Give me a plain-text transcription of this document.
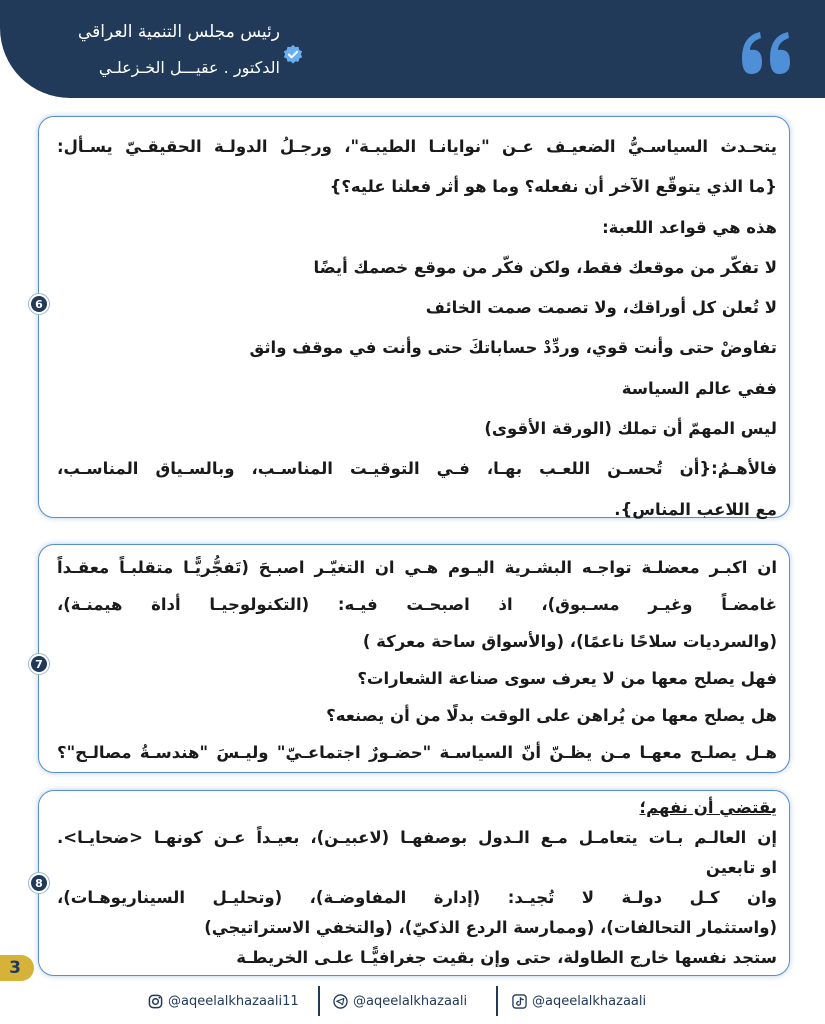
رئيس مجلس التنمية العراقي
الدكتور . عقيـــل الخـزعلـي
6
يتحـدث السياسـيُّ الضعيـف عـن "نوايانـا الطيبـة"، ورجـلُ الدولـة الحقيقـيّ يسـأل:
{ما الذي يتوقّع الآخر أن نفعله؟ وما هو أثر فعلنا عليه؟}
هذه هي قواعد اللعبة:
لا تفكّر من موقعك فقط، ولكن فكّر من موقع خصمك أيضًا
لا تُعلن كل أوراقك، ولا تصمت صمت الخائف
تفاوضْ حتى وأنت قوي، وردِّدْ حساباتكَ حتى وأنت في موقف واثق
ففي عالم السياسة
ليس المهمّ أن تملك (الورقة الأقوى)
فالأهـمُ:{أن تُحسـن اللعـب بهـا، فـي التوقيـت المناسـب، وبالسـياق المناسـب،
مع اللاعب المناس}.
7
ان اكبـر معضلـة تواجـه البشـرية اليـوم هـي ان التغيّـر اصبـحَ (تَفجُّريًّـا متقلبـاً معقـداً
غامضـاً وغيـر مسـبوق)، اذ اصبحـت فيـه: (التكنولوجيـا أداة هيمنـة)،
(والسرديات سلاحًا ناعمًا)، (والأسواق ساحة معركة )
فهل يصلح معها من لا يعرف سوى صناعة الشعارات؟
هل يصلح معها من يُراهن على الوقت بدلًا من أن يصنعه؟
هـل يصلـح معهـا مـن يظـنّ أنّ السياسـة "حضـورٌ اجتماعـيّ" وليـسَ "هندسـةُ مصالـح"؟
8
يقتضي أن نفهم؛
إن العالـم بـات يتعامـل مـع الـدول بوصفهـا (لاعبيـن)، بعيـداً عـن كونهـا <ضحايـا>.
او تابعين
وان كـل دولـة لا تُجيـد: (إدارة المفاوضـة)، (وتحليـل السيناريوهـات)،
(واستثمار التحالفات)، (وممارسة الردع الذكيّ)، (والتخفي الاستراتيجي)
ستجد نفسها خارج الطاولة، حتى وإن بقيت جغرافيًّـا علـى الخريطـة
3
@aqeelalkhazaali11	@aqeelalkhazaali	@aqeelalkhazaali
